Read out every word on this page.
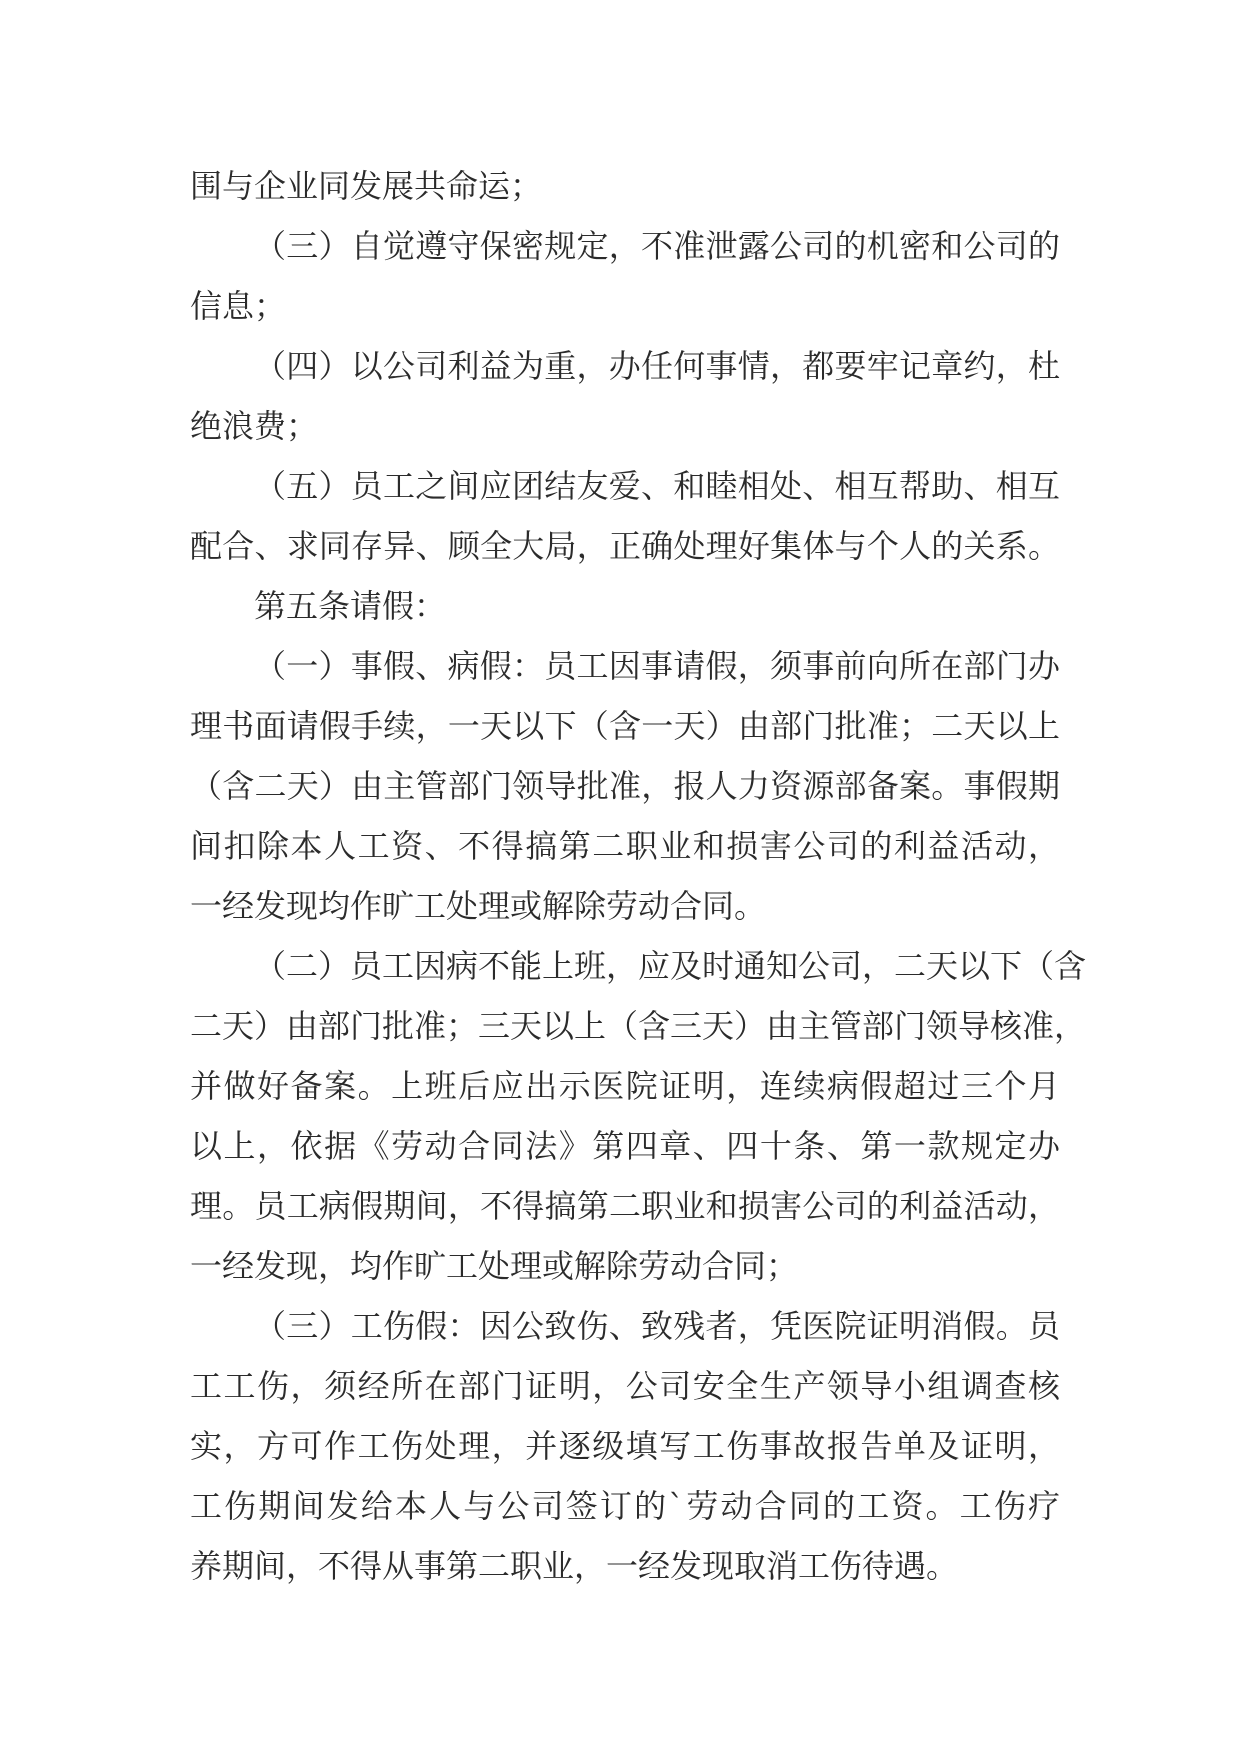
围与企业同发展共命运；
（三）自觉遵守保密规定，不准泄露公司的机密和公司的
信息；
（四）以公司利益为重，办任何事情，都要牢记章约，杜
绝浪费；
（五）员工之间应团结友爱、和睦相处、相互帮助、相互
配合、求同存异、顾全大局，正确处理好集体与个人的关系。
第五条请假：
（一）事假、病假：员工因事请假，须事前向所在部门办
理书面请假手续，一天以下（含一天）由部门批准；二天以上
（含二天）由主管部门领导批准，报人力资源部备案。事假期
间扣除本人工资、不得搞第二职业和损害公司的利益活动，
一经发现均作旷工处理或解除劳动合同。
（二）员工因病不能上班，应及时通知公司，二天以下（含
二天）由部门批准；三天以上（含三天）由主管部门领导核准，
并做好备案。上班后应出示医院证明，连续病假超过三个月
以上，依据《劳动合同法》第四章、四十条、第一款规定办
理。员工病假期间，不得搞第二职业和损害公司的利益活动，
一经发现，均作旷工处理或解除劳动合同；
（三）工伤假：因公致伤、致残者，凭医院证明消假。员
工工伤，须经所在部门证明，公司安全生产领导小组调查核
实，方可作工伤处理，并逐级填写工伤事故报告单及证明，
工伤期间发给本人与公司签订的`劳动合同的工资。工伤疗
养期间，不得从事第二职业，一经发现取消工伤待遇。
